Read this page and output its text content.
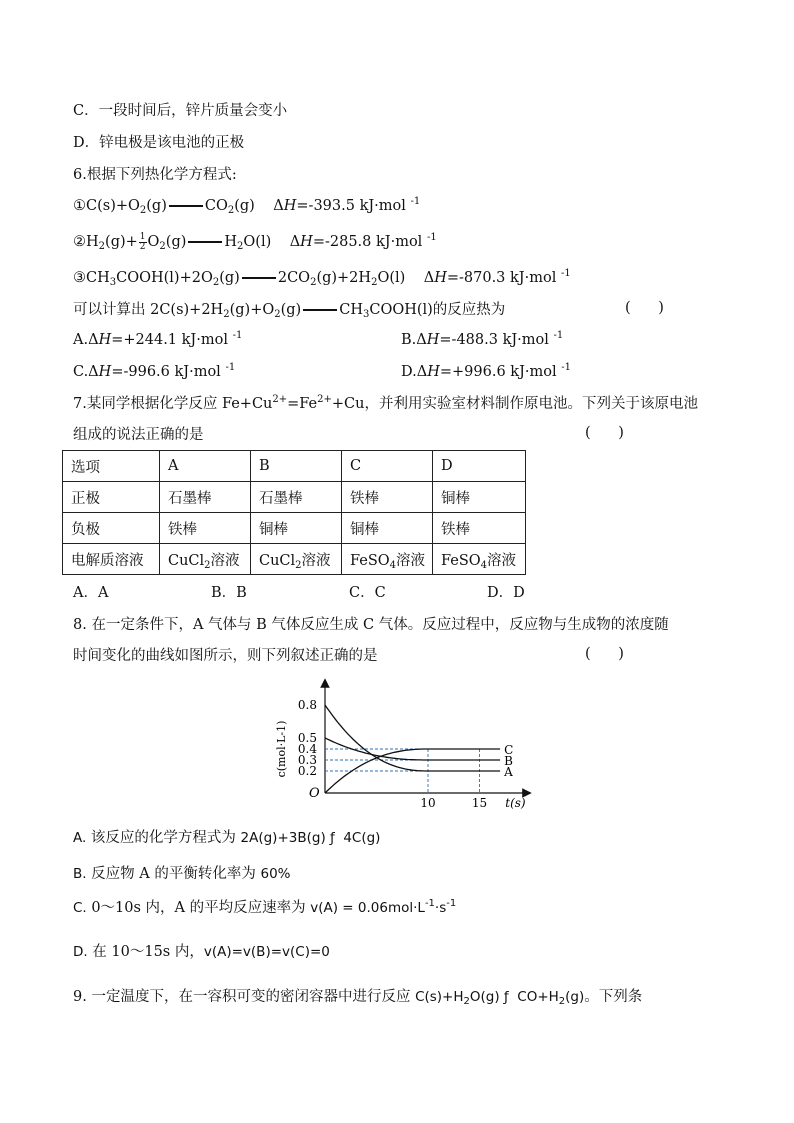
C．一段时间后，锌片质量会变小
D．锌电极是该电池的正极
6.根据下列热化学方程式:
$①C(s)+O_2(g)$	$CO_2(g)$    ΔH=-393.5 kJ·mol $^{-1}$
$②H_2(g)+ \frac{1}{2} O_2(g)$	$H_2O(l)$    ΔH=-285.8 kJ·mol $^{-1}$
$③CH_3COOH(l)+2O_2(g)$	$2CO_2(g)+2H_2O(l)$    ΔH=-870.3 kJ·mol $^{-1}$
可以计算出 $2C(s)+2H_2(g)+O_2(g)$	$CH_3COOH(l)$的反应热为	(      )
A.ΔH=+244.1 kJ·mol $^{-1}$	B.ΔH=-488.3 kJ·mol $^{-1}$
C.ΔH=-996.6 kJ·mol $^{-1}$	D.ΔH=+996.6 kJ·mol $^{-1}$
7.某同学根据化学反应 $Fe+Cu^{2+}=Fe^{2+}+Cu$，并利用实验室材料制作原电池。下列关于该原电池
组成的说法正确的是	(      )
选项	A	B	C	D
正极	石墨棒	石墨棒	铁棒	铜棒
负极	铁棒	铜棒	铜棒	铁棒
电解质溶液	CuCl$_2$溶液	CuCl$_2$溶液	FeSO$_4$溶液	FeSO$_4$溶液
A．A	B．B	C．C	D．D
8. 在一定条件下，A 气体与 B 气体反应生成 C 气体。反应过程中，反应物与生成物的浓度随
时间变化的曲线如图所示，则下列叙述正确的是	(      )
A
B
C
0.8
0.5
0.4
0.3
0.2
10	15
O
t(s)
c(mol·L-1)
A. 该反应的化学方程式为 2A(g)+3B(g) ƒ  4C(g)
B. 反应物 A 的平衡转化率为 60%
C. 0～10s 内，A 的平均反应速率为 $v(A) = 0.06mol\cdot L^{-1}\cdot s^{-1}$
D. 在 10～15s 内，v(A)=v(B)=v(C)=0
9. 一定温度下，在一容积可变的密闭容器中进行反应 $C(s)+H_2O(g)$ ƒ  $CO+H_2(g)$。下列条
